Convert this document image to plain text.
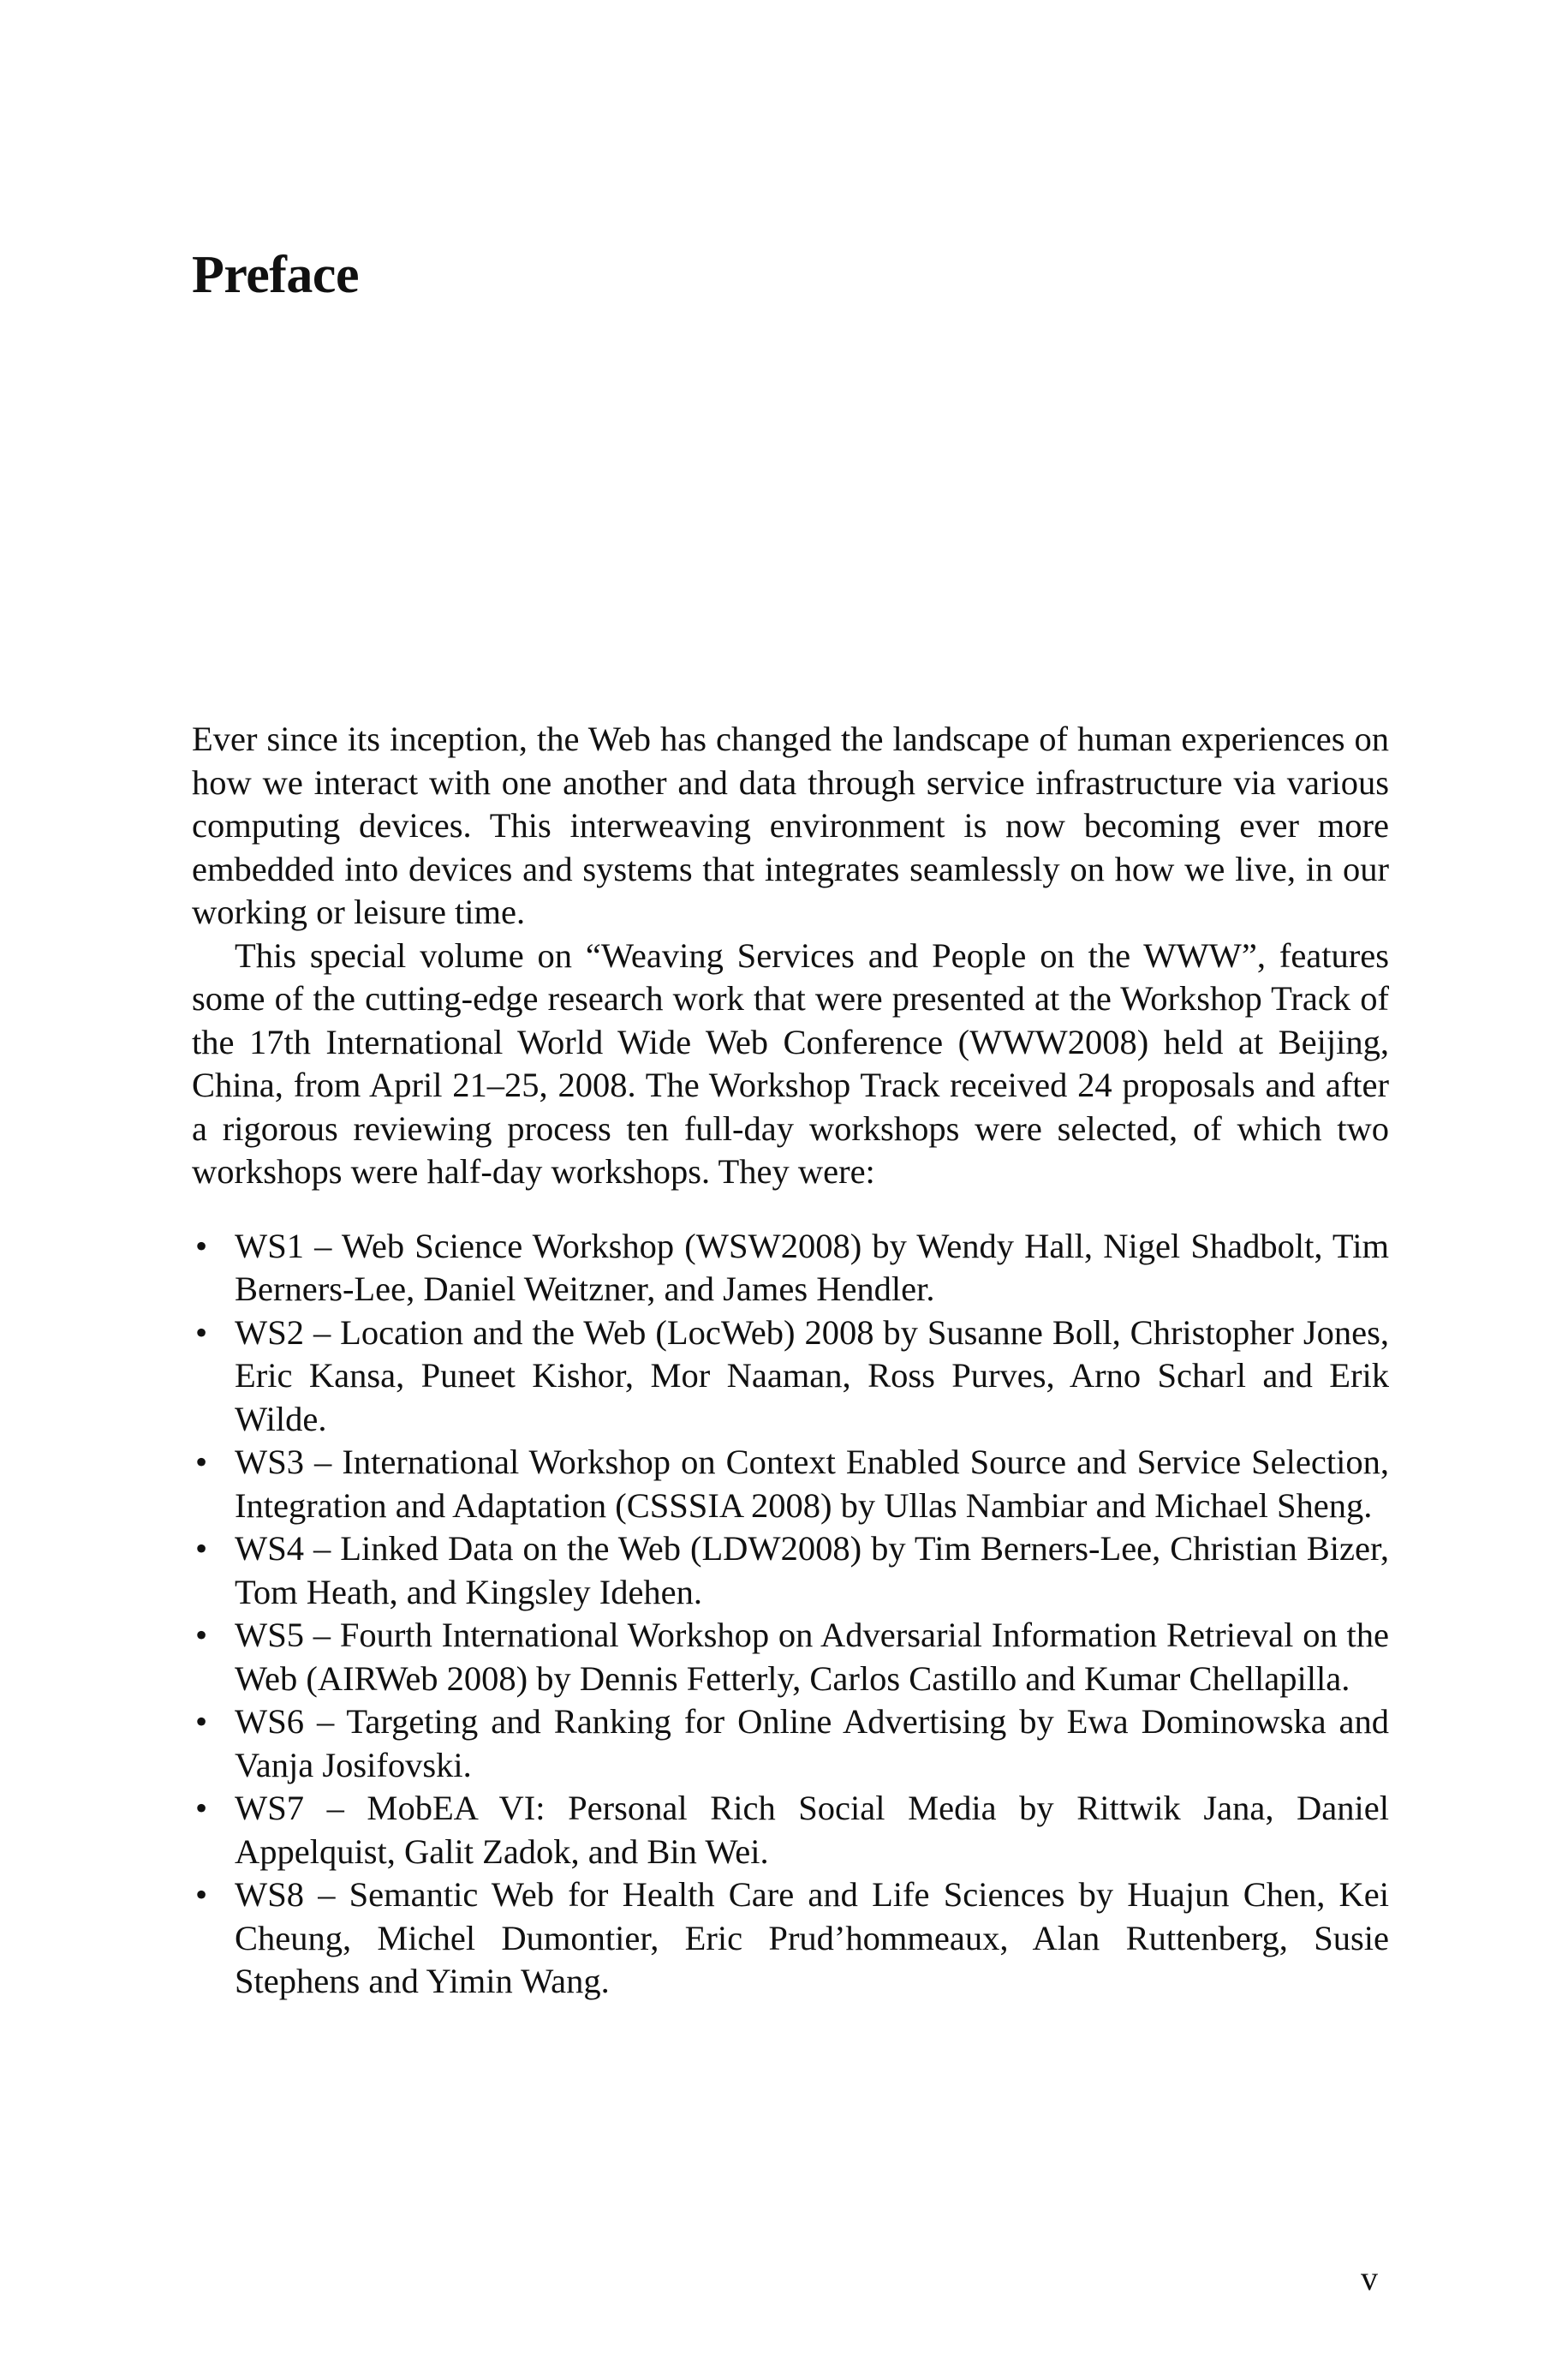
Preface

Ever since its inception, the Web has changed the landscape of human experiences on how we interact with one another and data through service infrastructure via various computing devices. This interweaving environment is now becoming ever more embedded into devices and systems that integrates seamlessly on how we live, in our working or leisure time.

This special volume on “Weaving Services and People on the WWW”, features some of the cutting-edge research work that were presented at the Workshop Track of the 17th International World Wide Web Conference (WWW2008) held at Beijing, China, from April 21–25, 2008. The Workshop Track received 24 proposals and after a rigorous reviewing process ten full-day workshops were selected, of which two workshops were half-day workshops. They were:

• WS1 – Web Science Workshop (WSW2008) by Wendy Hall, Nigel Shadbolt, Tim Berners-Lee, Daniel Weitzner, and James Hendler.
• WS2 – Location and the Web (LocWeb) 2008 by Susanne Boll, Christopher Jones, Eric Kansa, Puneet Kishor, Mor Naaman, Ross Purves, Arno Scharl and Erik Wilde.
• WS3 – International Workshop on Context Enabled Source and Service Selection, Integration and Adaptation (CSSSIA 2008) by Ullas Nambiar and Michael Sheng.
• WS4 – Linked Data on the Web (LDW2008) by Tim Berners-Lee, Christian Bizer, Tom Heath, and Kingsley Idehen.
• WS5 – Fourth International Workshop on Adversarial Information Retrieval on the Web (AIRWeb 2008) by Dennis Fetterly, Carlos Castillo and Kumar Chellapilla.
• WS6 – Targeting and Ranking for Online Advertising by Ewa Dominowska and Vanja Josifovski.
• WS7 – MobEA VI: Personal Rich Social Media by Rittwik Jana, Daniel Appelquist, Galit Zadok, and Bin Wei.
• WS8 – Semantic Web for Health Care and Life Sciences by Huajun Chen, Kei Cheung, Michel Dumontier, Eric Prud’hommeaux, Alan Ruttenberg, Susie Stephens and Yimin Wang.
v
